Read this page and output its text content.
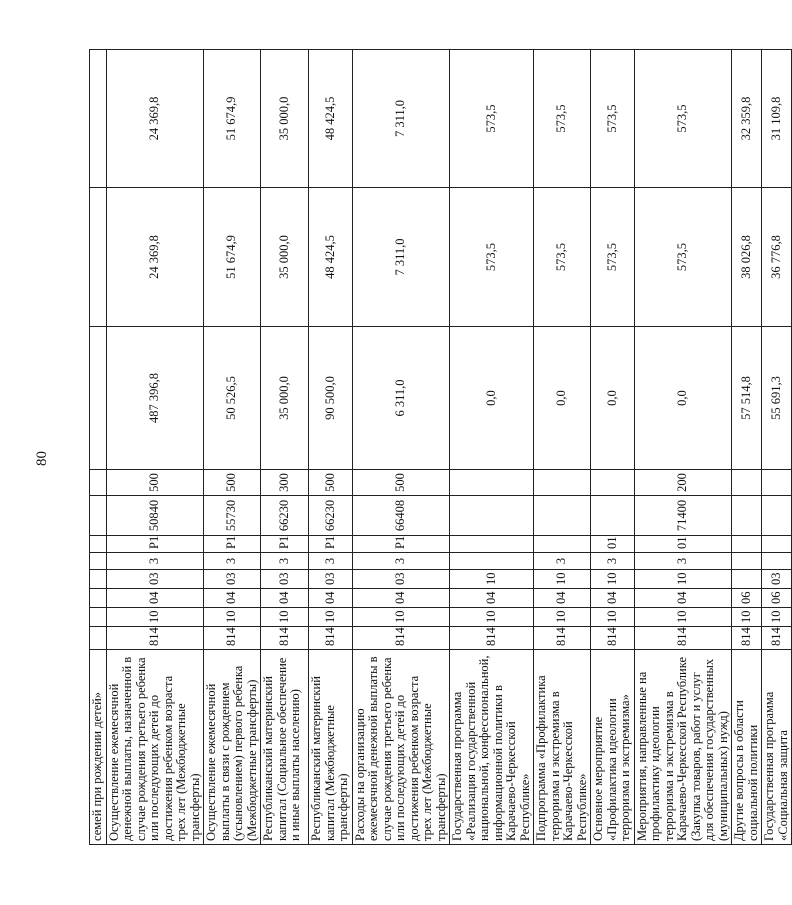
80
семей при рождении детей»											
Осуществление ежемесячной денежной выплаты, назначенной в случае рождения третьего ребенка или последующих детей до достижения ребенком возраста трех лет (Межбюджетные трансферты)	814	10	04	03	3	Р1	50840	500	487 396,8	24 369,8	24 369,8
Осуществление ежемесячной выплаты в связи с рождением (усыновлением) первого ребенка (Межбюджетные трансферты)	814	10	04	03	3	Р1	55730	500	50 526,5	51 674,9	51 674,9
Республиканский материнский капитал (Социальное обеспечение и иные выплаты населению)	814	10	04	03	3	Р1	66230	300	35 000,0	35 000,0	35 000,0
Республиканский материнский капитал (Межбюджетные трансферты)	814	10	04	03	3	Р1	66230	500	90 500,0	48 424,5	48 424,5
Расходы на организацию ежемесячной денежной выплаты в случае рождения третьего ребенка или последующих детей до достижения ребенком возраста трех лет (Межбюджетные трансферты)	814	10	04	03	3	Р1	66408	500	6 311,0	7 311,0	7 311,0
Государственная программа «Реализация государственной национальной, конфессиональной, информационной политики в Карачаево-Черкесской Республике»	814	10	04	10					0,0	573,5	573,5
Подпрограмма «Профилактика терроризма и экстремизма в Карачаево-Черкесской Республике»	814	10	04	10	3				0,0	573,5	573,5
Основное мероприятие «Профилактика идеологии терроризма и экстремизма»	814	10	04	10	3	01			0,0	573,5	573,5
Мероприятия, направленные на профилактику идеологии терроризма и экстремизма в Карачаево-Черкесской Республике (Закупка товаров, работ и услуг для обеспечения государственных (муниципальных) нужд)	814	10	04	10	3	01	71400	200	0,0	573,5	573,5
Другие вопросы в области социальной политики	814	10	06						57 514,8	38 026,8	32 359,8
Государственная программа «Социальная защита	814	10	06	03					55 691,3	36 776,8	31 109,8
